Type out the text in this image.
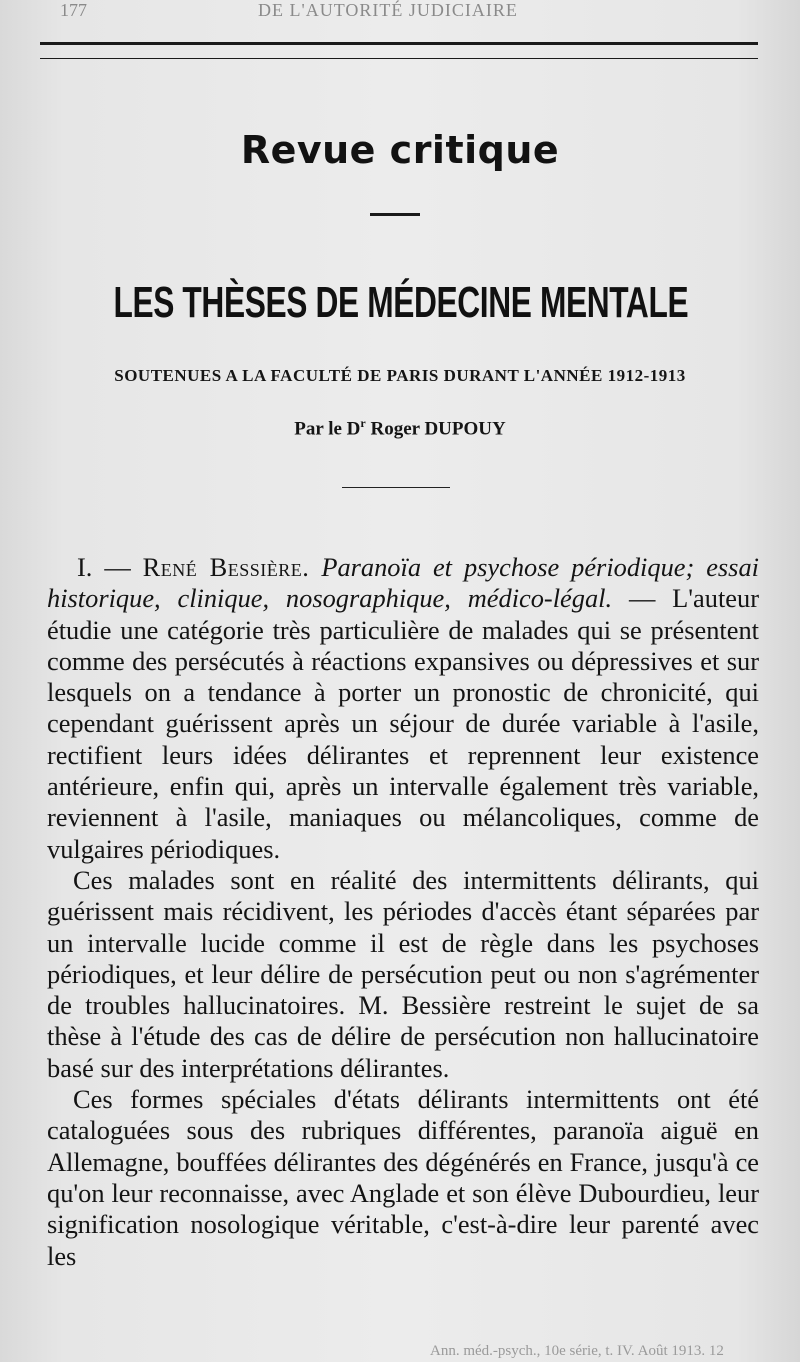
177	DE L'AUTORITÉ JUDICIAIRE
Revue critique
LES THÈSES DE MÉDECINE MENTALE
SOUTENUES A LA FACULTÉ DE PARIS DURANT L'ANNÉE 1912-1913
Par le $D^r$ Roger DUPOUY

I. — René Bessière. Paranoïa et psychose périodique; essai historique, clinique, nosographique, médico-légal. — L'auteur étudie une catégorie très particulière de malades qui se présentent comme des persécutés à réactions expansives ou dépressives et sur lesquels on a tendance à porter un pronostic de chronicité, qui cependant guérissent après un séjour de durée variable à l'asile, rectifient leurs idées délirantes et reprennent leur existence antérieure, enfin qui, après un intervalle également très variable, reviennent à l'asile, maniaques ou mélancoliques, comme de vulgaires périodiques.

Ces malades sont en réalité des intermittents délirants, qui guérissent mais récidivent, les périodes d'accès étant séparées par un intervalle lucide comme il est de règle dans les psychoses périodiques, et leur délire de persécution peut ou non s'agrémenter de troubles hallucinatoires. M. Bessière restreint le sujet de sa thèse à l'étude des cas de délire de persécution non hallucinatoire basé sur des interprétations délirantes.

Ces formes spéciales d'états délirants intermittents ont été cataloguées sous des rubriques différentes, paranoïa aiguë en Allemagne, bouffées délirantes des dégénérés en France, jusqu'à ce qu'on leur reconnaisse, avec Anglade et son élève Dubourdieu, leur signification nosologique véritable, c'est-à-dire leur parenté avec les

Ann. méd.-psych., 10e série, t. IV. Août 1913. 12
